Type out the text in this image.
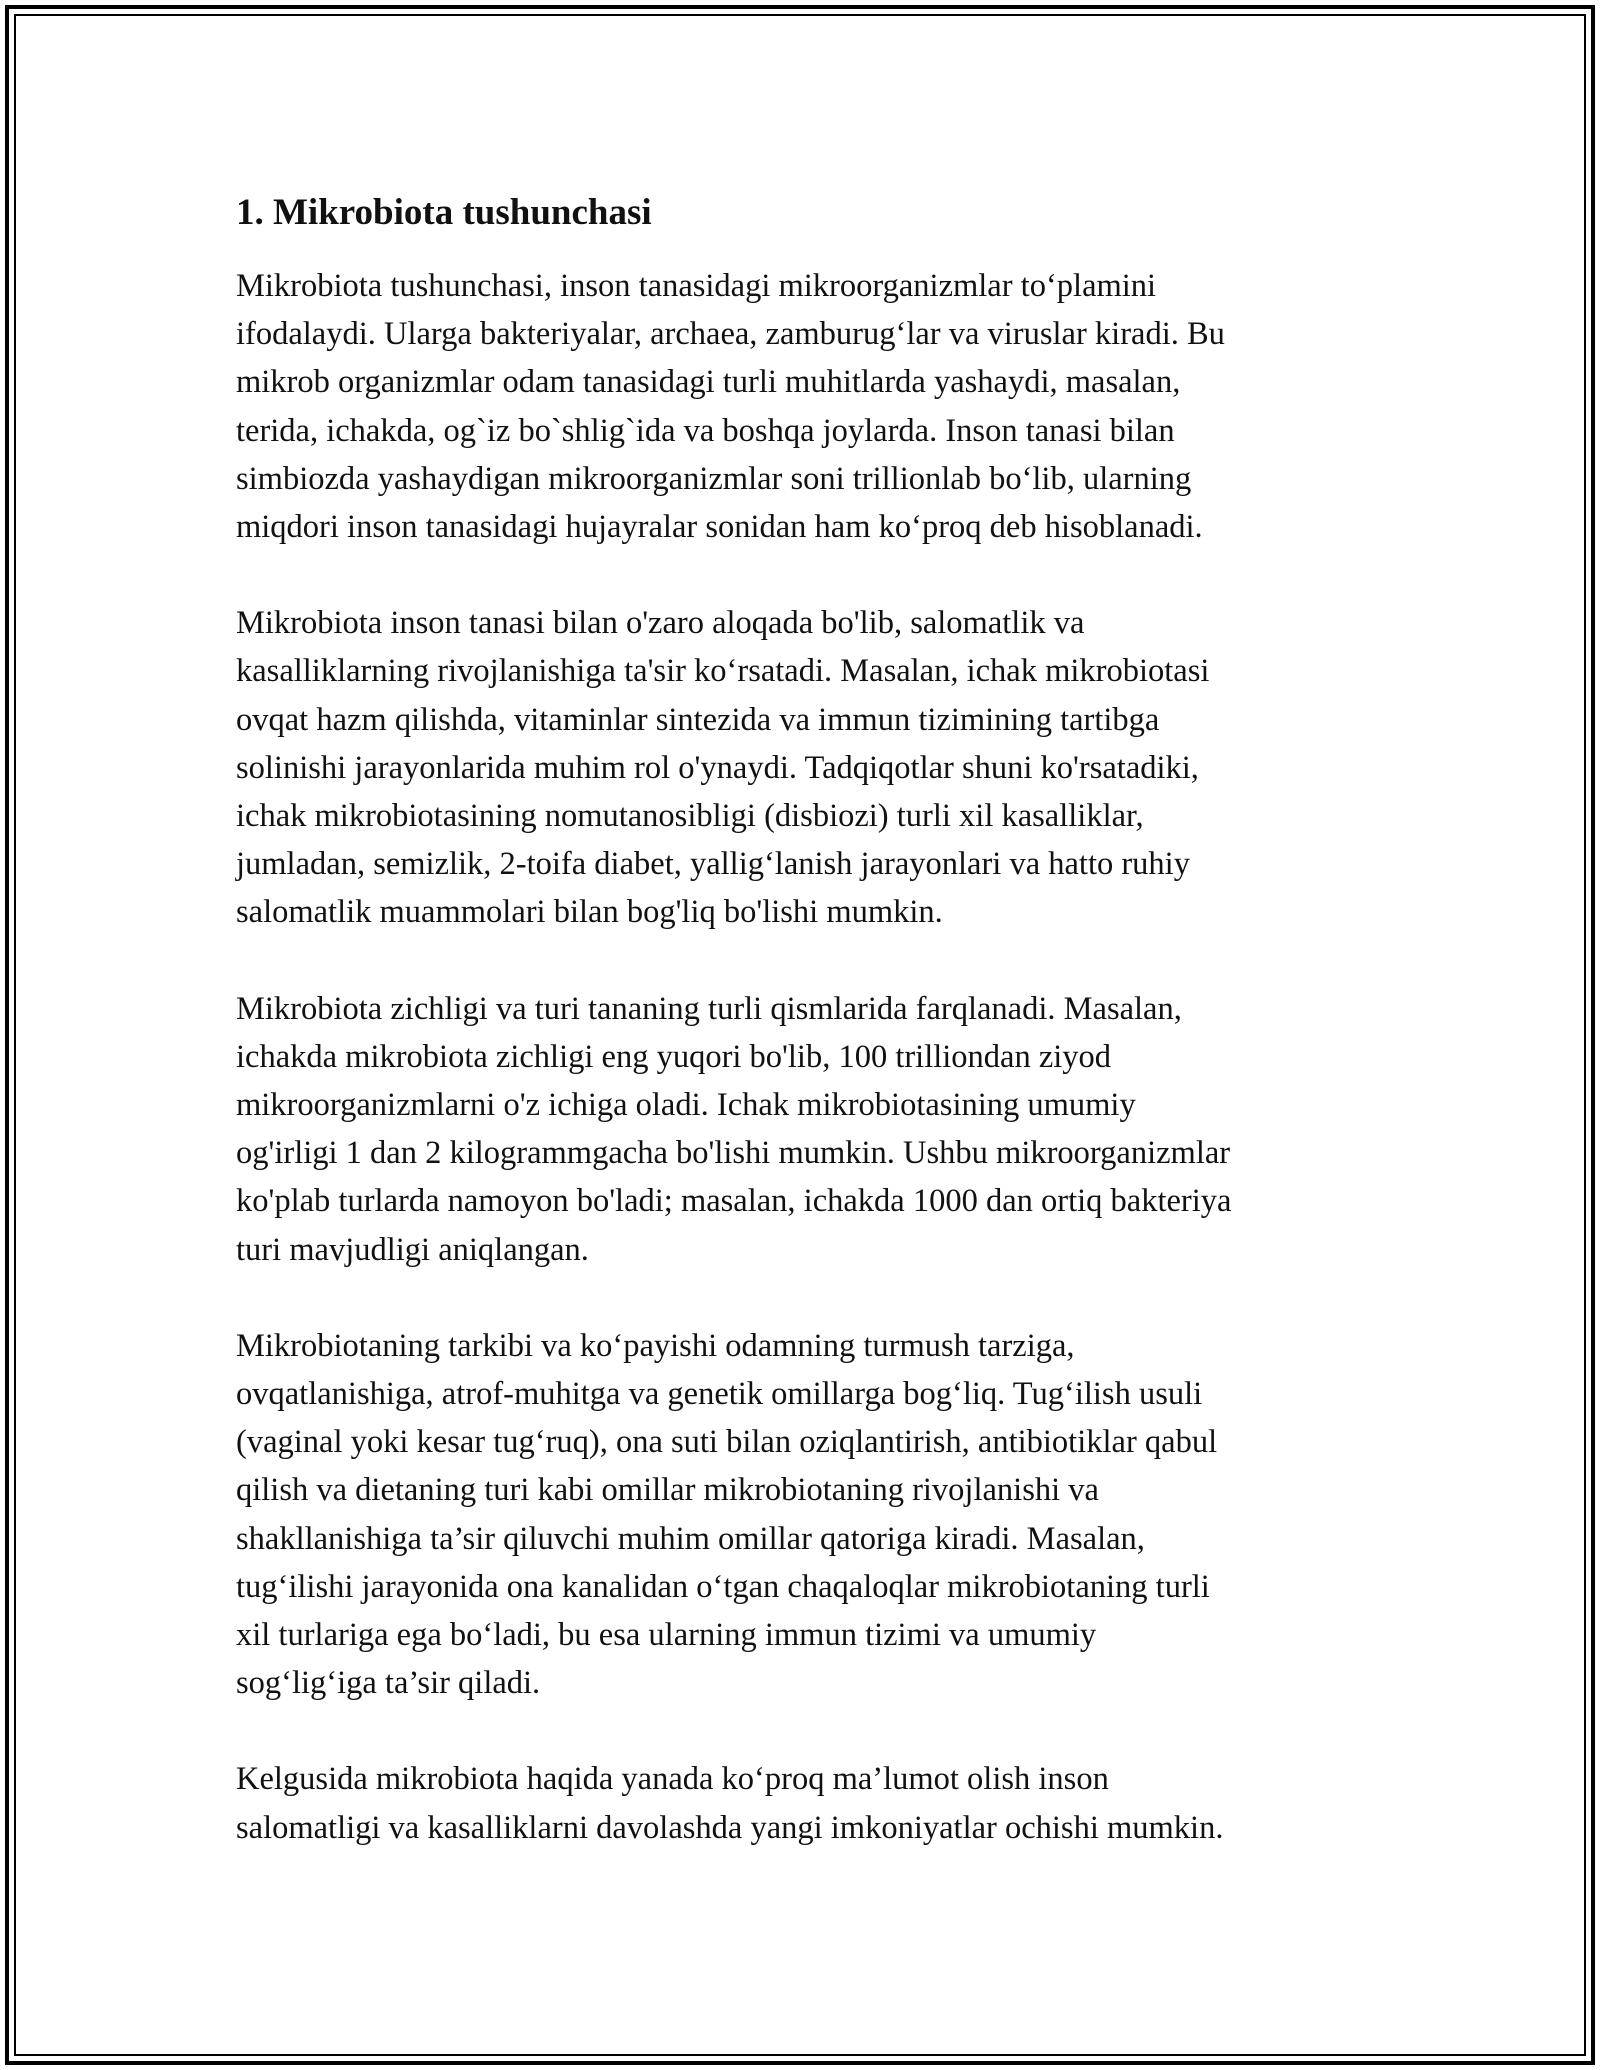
1. Mikrobiota tushunchasi

Mikrobiota tushunchasi, inson tanasidagi mikroorganizmlar to‘plamini
ifodalaydi. Ularga bakteriyalar, archaea, zamburug‘lar va viruslar kiradi. Bu
mikrob organizmlar odam tanasidagi turli muhitlarda yashaydi, masalan,
terida, ichakda, og`iz bo`shlig`ida va boshqa joylarda. Inson tanasi bilan
simbiozda yashaydigan mikroorganizmlar soni trillionlab bo‘lib, ularning
miqdori inson tanasidagi hujayralar sonidan ham ko‘proq deb hisoblanadi.

Mikrobiota inson tanasi bilan o'zaro aloqada bo'lib, salomatlik va
kasalliklarning rivojlanishiga ta'sir ko‘rsatadi. Masalan, ichak mikrobiotasi
ovqat hazm qilishda, vitaminlar sintezida va immun tizimining tartibga
solinishi jarayonlarida muhim rol o'ynaydi. Tadqiqotlar shuni ko'rsatadiki,
ichak mikrobiotasining nomutanosibligi (disbiozi) turli xil kasalliklar,
jumladan, semizlik, 2-toifa diabet, yallig‘lanish jarayonlari va hatto ruhiy
salomatlik muammolari bilan bog'liq bo'lishi mumkin.

Mikrobiota zichligi va turi tananing turli qismlarida farqlanadi. Masalan,
ichakda mikrobiota zichligi eng yuqori bo'lib, 100 trilliondan ziyod
mikroorganizmlarni o'z ichiga oladi. Ichak mikrobiotasining umumiy
og'irligi 1 dan 2 kilogrammgacha bo'lishi mumkin. Ushbu mikroorganizmlar
ko'plab turlarda namoyon bo'ladi; masalan, ichakda 1000 dan ortiq bakteriya
turi mavjudligi aniqlangan.

Mikrobiotaning tarkibi va ko‘payishi odamning turmush tarziga,
ovqatlanishiga, atrof-muhitga va genetik omillarga bog‘liq. Tug‘ilish usuli
(vaginal yoki kesar tug‘ruq), ona suti bilan oziqlantirish, antibiotiklar qabul
qilish va dietaning turi kabi omillar mikrobiotaning rivojlanishi va
shakllanishiga ta’sir qiluvchi muhim omillar qatoriga kiradi. Masalan,
tug‘ilishi jarayonida ona kanalidan o‘tgan chaqaloqlar mikrobiotaning turli
xil turlariga ega bo‘ladi, bu esa ularning immun tizimi va umumiy
sog‘lig‘iga ta’sir qiladi.

Kelgusida mikrobiota haqida yanada ko‘proq ma’lumot olish inson
salomatligi va kasalliklarni davolashda yangi imkoniyatlar ochishi mumkin.
